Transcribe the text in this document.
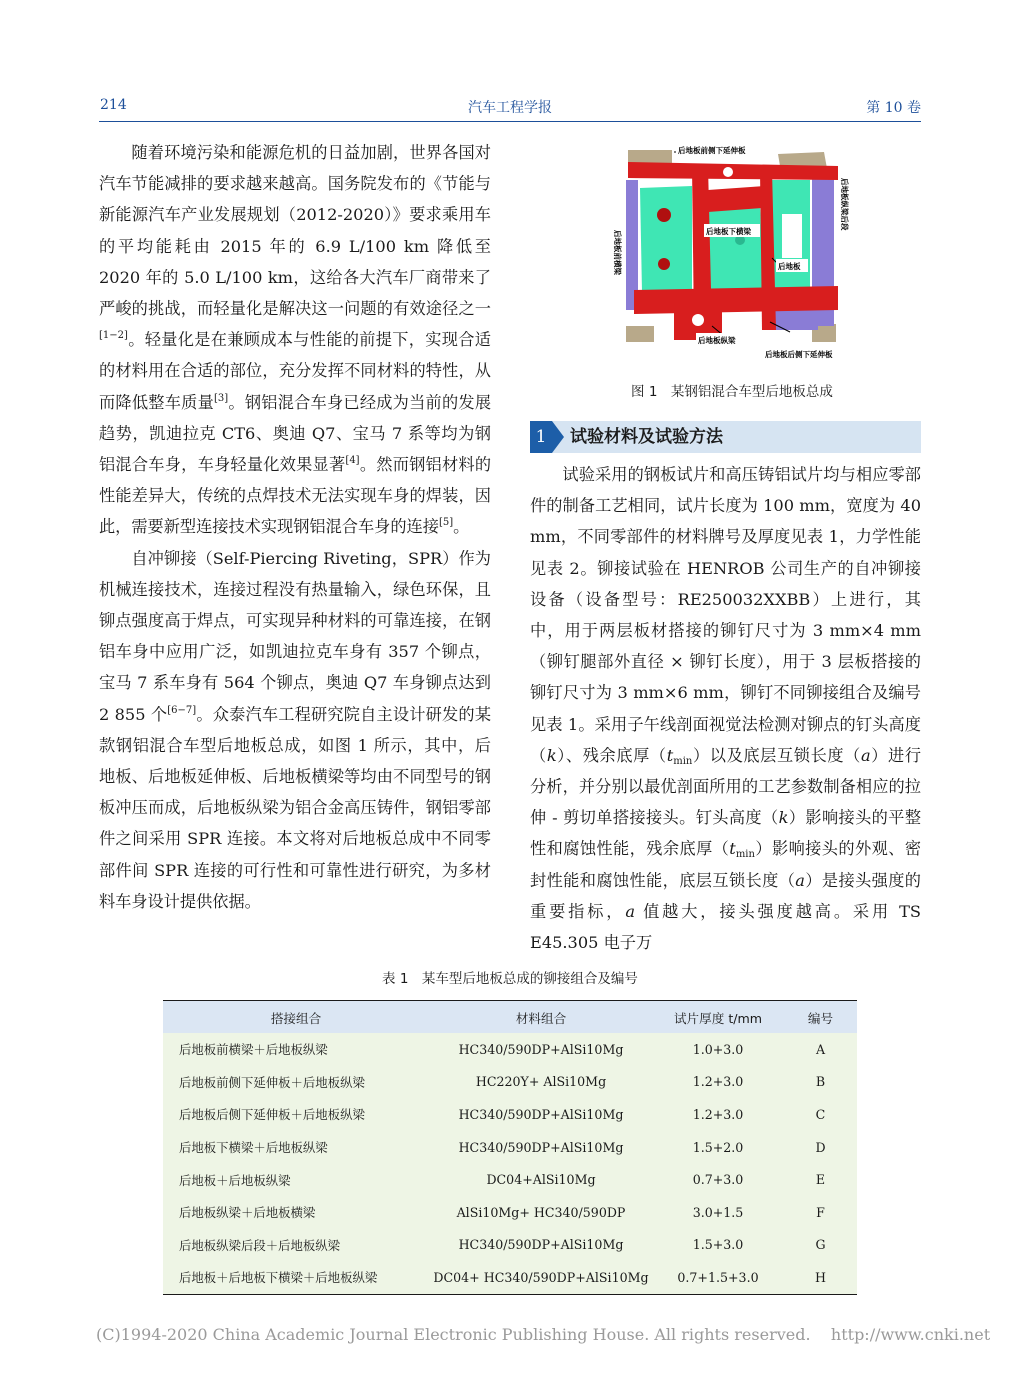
214	汽车工程学报	第 10 卷

随着环境污染和能源危机的日益加剧，世界各国对汽车节能减排的要求越来越高。国务院发布的《节能与新能源汽车产业发展规划（2012-2020）》要求乘用车的平均能耗由 2015 年的 6.9 L/100 km 降低至 2020 年的 5.0 L/100 km，这给各大汽车厂商带来了严峻的挑战，而轻量化是解决这一问题的有效途径之一[1−2]。轻量化是在兼顾成本与性能的前提下，实现合适的材料用在合适的部位，充分发挥不同材料的特性，从而降低整车质量[3]。钢铝混合车身已经成为当前的发展趋势，凯迪拉克 CT6、奥迪 Q7、宝马 7 系等均为钢铝混合车身，车身轻量化效果显著[4]。然而钢铝材料的性能差异大，传统的点焊技术无法实现车身的焊装，因此，需要新型连接技术实现钢铝混合车身的连接[5]。

自冲铆接（Self-Piercing Riveting，SPR）作为机械连接技术，连接过程没有热量输入，绿色环保，且铆点强度高于焊点，可实现异种材料的可靠连接，在钢铝车身中应用广泛，如凯迪拉克车身有 357 个铆点，宝马 7 系车身有 564 个铆点，奥迪 Q7 车身铆点达到 2 855 个[6−7]。众泰汽车工程研究院自主设计研发的某款钢铝混合车型后地板总成，如图 1 所示，其中，后地板、后地板延伸板、后地板横梁等均由不同型号的钢板冲压而成，后地板纵梁为铝合金高压铸件，钢铝零部件之间采用 SPR 连接。本文将对后地板总成中不同零部件间 SPR 连接的可行性和可靠性进行研究，为多材料车身设计提供依据。

后地板前侧下延伸板
后地板下横梁
后地板
后地板纵梁
后地板后侧下延伸板
后地板前横梁
后地板纵梁后段
图 1　某钢铝混合车型后地板总成
1	试验材料及试验方法

试验采用的钢板试片和高压铸铝试片均与相应零部件的制备工艺相同，试片长度为 100 mm，宽度为 40 mm，不同零部件的材料牌号及厚度见表 1，力学性能见表 2。铆接试验在 HENROB 公司生产的自冲铆接设备（设备型号：RE250032XXBB）上进行，其中，用于两层板材搭接的铆钉尺寸为 3 mm×4 mm（铆钉腿部外直径 × 铆钉长度），用于 3 层板搭接的铆钉尺寸为 3 mm×6 mm，铆钉不同铆接组合及编号见表 1。采用子午线剖面视觉法检测对铆点的钉头高度（k）、残余底厚$(t_{min})$以及底层互锁长度（a）进行分析，并分别以最优剖面所用的工艺参数制备相应的拉伸 - 剪切单搭接接头。钉头高度（k）影响接头的平整性和腐蚀性能，残余底厚$(t_{min})$影响接头的外观、密封性能和腐蚀性能，底层互锁长度（a）是接头强度的重要指标，a 值越大，接头强度越高。采用 TS E45.305 电子万

表 1　某车型后地板总成的铆接组合及编号
搭接组合	材料组合	试片厚度 t/mm	编号
后地板前横梁＋后地板纵梁	HC340/590DP+AlSi10Mg	1.0+3.0	A
后地板前侧下延伸板＋后地板纵梁	HC220Y+ AlSi10Mg	1.2+3.0	B
后地板后侧下延伸板＋后地板纵梁	HC340/590DP+AlSi10Mg	1.2+3.0	C
后地板下横梁＋后地板纵梁	HC340/590DP+AlSi10Mg	1.5+2.0	D
后地板＋后地板纵梁	DC04+AlSi10Mg	0.7+3.0	E
后地板纵梁＋后地板横梁	AlSi10Mg+ HC340/590DP	3.0+1.5	F
后地板纵梁后段＋后地板纵梁	HC340/590DP+AlSi10Mg	1.5+3.0	G
后地板＋后地板下横梁＋后地板纵梁	DC04+ HC340/590DP+AlSi10Mg	0.7+1.5+3.0	H
(C)1994-2020 China Academic Journal Electronic Publishing House. All rights reserved.    http://www.cnki.net
